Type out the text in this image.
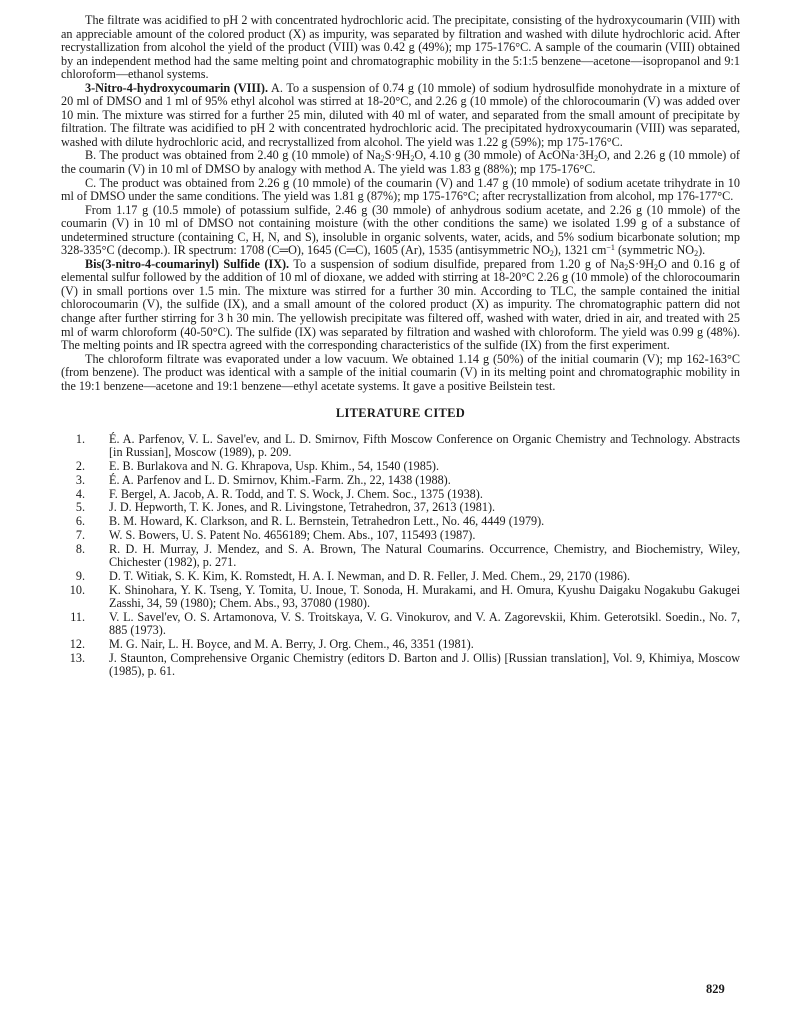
The filtrate was acidified to pH 2 with concentrated hydrochloric acid. The precipitate, consisting of the hydroxycoumarin (VIII) with an appreciable amount of the colored product (X) as impurity, was separated by filtration and washed with dilute hydrochloric acid. After recrystallization from alcohol the yield of the product (VIII) was 0.42 g (49%); mp 175-176°C. A sample of the coumarin (VIII) obtained by an independent method had the same melting point and chromatographic mobility in the 5:1:5 benzene—acetone—isopropanol and 9:1 chloroform—ethanol systems.

3-Nitro-4-hydroxycoumarin (VIII). A. To a suspension of 0.74 g (10 mmole) of sodium hydrosulfide monohydrate in a mixture of 20 ml of DMSO and 1 ml of 95% ethyl alcohol was stirred at 18-20°C, and 2.26 g (10 mmole) of the chlorocoumarin (V) was added over 10 min. The mixture was stirred for a further 25 min, diluted with 40 ml of water, and separated from the small amount of precipitate by filtration. The filtrate was acidified to pH 2 with concentrated hydrochloric acid. The precipitated hydroxycoumarin (VIII) was separated, washed with dilute hydrochloric acid, and recrystallized from alcohol. The yield was 1.22 g (59%); mp 175-176°C.

B. The product was obtained from 2.40 g (10 mmole) of $Na_2S\cdot 9H_2O$, 4.10 g (30 mmole) of $AcONa\cdot 3H_2O$, and 2.26 g (10 mmole) of the coumarin (V) in 10 ml of DMSO by analogy with method A. The yield was 1.83 g (88%); mp 175-176°C.

C. The product was obtained from 2.26 g (10 mmole) of the coumarin (V) and 1.47 g (10 mmole) of sodium acetate trihydrate in 10 ml of DMSO under the same conditions. The yield was 1.81 g (87%); mp 175-176°C; after recrystallization from alcohol, mp 176-177°C.

From 1.17 g (10.5 mmole) of potassium sulfide, 2.46 g (30 mmole) of anhydrous sodium acetate, and 2.26 g (10 mmole) of the coumarin (V) in 10 ml of DMSO not containing moisture (with the other conditions the same) we isolated 1.99 g of a substance of undetermined structure (containing C, H, N, and S), insoluble in organic solvents, water, acids, and 5% sodium bicarbonate solution; mp 328-335°C (decomp.). IR spectrum: 1708 (C═O), 1645 (C═C), 1605 (Ar), 1535 (antisymmetric $NO_2$), 1321 $cm^{-1}$ (symmetric $NO_2$).

Bis(3-nitro-4-coumarinyl) Sulfide (IX). To a suspension of sodium disulfide, prepared from 1.20 g of $Na_2S\cdot 9H_2O$ and 0.16 g of elemental sulfur followed by the addition of 10 ml of dioxane, we added with stirring at 18-20°C 2.26 g (10 mmole) of the chlorocoumarin (V) in small portions over 1.5 min. The mixture was stirred for a further 30 min. According to TLC, the sample contained the initial chlorocoumarin (V), the sulfide (IX), and a small amount of the colored product (X) as impurity. The chromatographic pattern did not change after further stirring for 3 h 30 min. The yellowish precipitate was filtered off, washed with water, dried in air, and treated with 25 ml of warm chloroform (40-50°C). The sulfide (IX) was separated by filtration and washed with chloroform. The yield was 0.99 g (48%). The melting points and IR spectra agreed with the corresponding characteristics of the sulfide (IX) from the first experiment.

The chloroform filtrate was evaporated under a low vacuum. We obtained 1.14 g (50%) of the initial coumarin (V); mp 162-163°C (from benzene). The product was identical with a sample of the initial coumarin (V) in its melting point and chromatographic mobility in the 19:1 benzene—acetone and 19:1 benzene—ethyl acetate systems. It gave a positive Beilstein test.

LITERATURE CITED
1. É. A. Parfenov, V. L. Savel'ev, and L. D. Smirnov, Fifth Moscow Conference on Organic Chemistry and Technology. Abstracts [in Russian], Moscow (1989), p. 209.
2. E. B. Burlakova and N. G. Khrapova, Usp. Khim., 54, 1540 (1985).
3. É. A. Parfenov and L. D. Smirnov, Khim.-Farm. Zh., 22, 1438 (1988).
4. F. Bergel, A. Jacob, A. R. Todd, and T. S. Wock, J. Chem. Soc., 1375 (1938).
5. J. D. Hepworth, T. K. Jones, and R. Livingstone, Tetrahedron, 37, 2613 (1981).
6. B. M. Howard, K. Clarkson, and R. L. Bernstein, Tetrahedron Lett., No. 46, 4449 (1979).
7. W. S. Bowers, U. S. Patent No. 4656189; Chem. Abs., 107, 115493 (1987).
8. R. D. H. Murray, J. Mendez, and S. A. Brown, The Natural Coumarins. Occurrence, Chemistry, and Biochemistry, Wiley, Chichester (1982), p. 271.
9. D. T. Witiak, S. K. Kim, K. Romstedt, H. A. I. Newman, and D. R. Feller, J. Med. Chem., 29, 2170 (1986).
10. K. Shinohara, Y. K. Tseng, Y. Tomita, U. Inoue, T. Sonoda, H. Murakami, and H. Omura, Kyushu Daigaku Nogakubu Gakugei Zasshi, 34, 59 (1980); Chem. Abs., 93, 37080 (1980).
11. V. L. Savel'ev, O. S. Artamonova, V. S. Troitskaya, V. G. Vinokurov, and V. A. Zagorevskii, Khim. Geterotsikl. Soedin., No. 7, 885 (1973).
12. M. G. Nair, L. H. Boyce, and M. A. Berry, J. Org. Chem., 46, 3351 (1981).
13. J. Staunton, Comprehensive Organic Chemistry (editors D. Barton and J. Ollis) [Russian translation], Vol. 9, Khimiya, Moscow (1985), p. 61.
829
